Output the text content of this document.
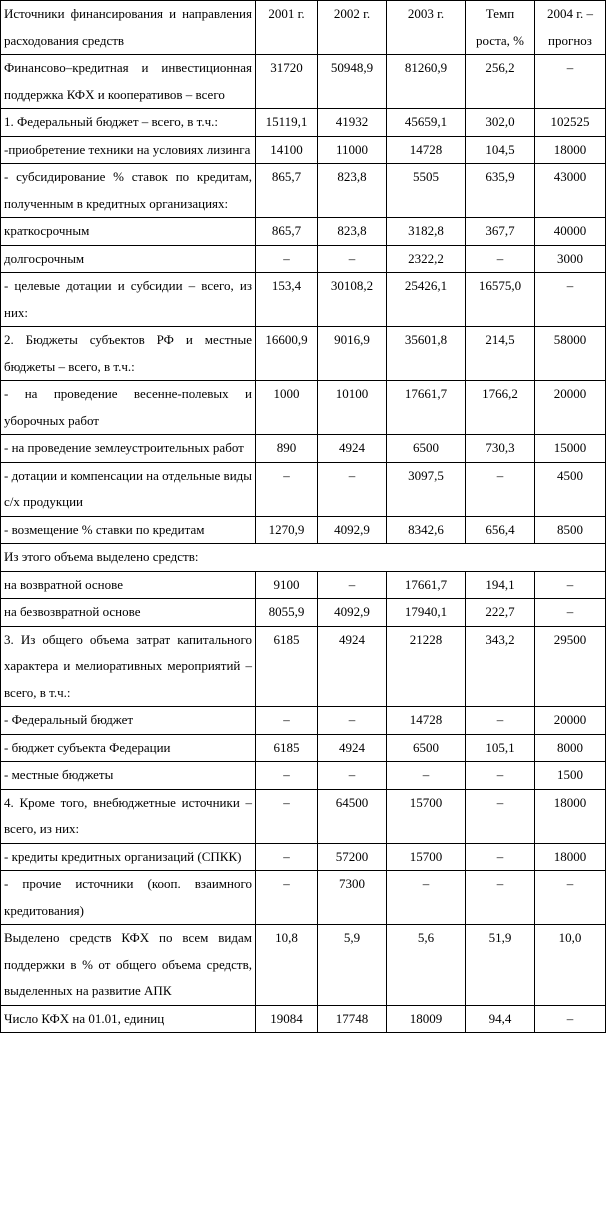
Источники финансирования и направления расходования средств	2001 г.	2002 г.	2003 г.	Темп роста, %	2004 г. – прогноз
Финансово–кредитная и инвестиционная поддержка КФХ и кооперативов – всего	31720	50948,9	81260,9	256,2	–
1. Федеральный бюджет – всего, в т.ч.:	15119,1	41932	45659,1	302,0	102525
-приобретение техники на условиях лизинга	14100	11000	14728	104,5	18000
- субсидирование % ставок по кредитам, полученным в кредитных организациях:	865,7	823,8	5505	635,9	43000
краткосрочным	865,7	823,8	3182,8	367,7	40000
долгосрочным	–	–	2322,2	–	3000
- целевые дотации и субсидии – всего, из них:	153,4	30108,2	25426,1	16575,0	–
2. Бюджеты субъектов РФ и местные бюджеты – всего, в т.ч.:	16600,9	9016,9	35601,8	214,5	58000
- на проведение весенне-полевых и уборочных работ	1000	10100	17661,7	1766,2	20000
- на проведение землеустроительных работ	890	4924	6500	730,3	15000
- дотации и компенсации на отдельные виды с/х продукции	–	–	3097,5	–	4500
- возмещение % ставки по кредитам	1270,9	4092,9	8342,6	656,4	8500
Из этого объема выделено средств:					
на возвратной основе	9100	–	17661,7	194,1	–
на безвозвратной основе	8055,9	4092,9	17940,1	222,7	–
3. Из общего объема затрат капитального характера и мелиоративных мероприятий – всего, в т.ч.:	6185	4924	21228	343,2	29500
- Федеральный бюджет	–	–	14728	–	20000
- бюджет субъекта Федерации	6185	4924	6500	105,1	8000
- местные бюджеты	–	–	–	–	1500
4. Кроме того, внебюджетные источники – всего, из них:	–	64500	15700	–	18000
- кредиты кредитных организаций (СПКК)	–	57200	15700	–	18000
- прочие источники (кооп. взаимного кредитования)	–	7300	–	–	–
Выделено средств КФХ по всем видам поддержки в % от общего объема средств, выделенных на развитие АПК	10,8	5,9	5,6	51,9	10,0
Число КФХ на 01.01, единиц	19084	17748	18009	94,4	–
